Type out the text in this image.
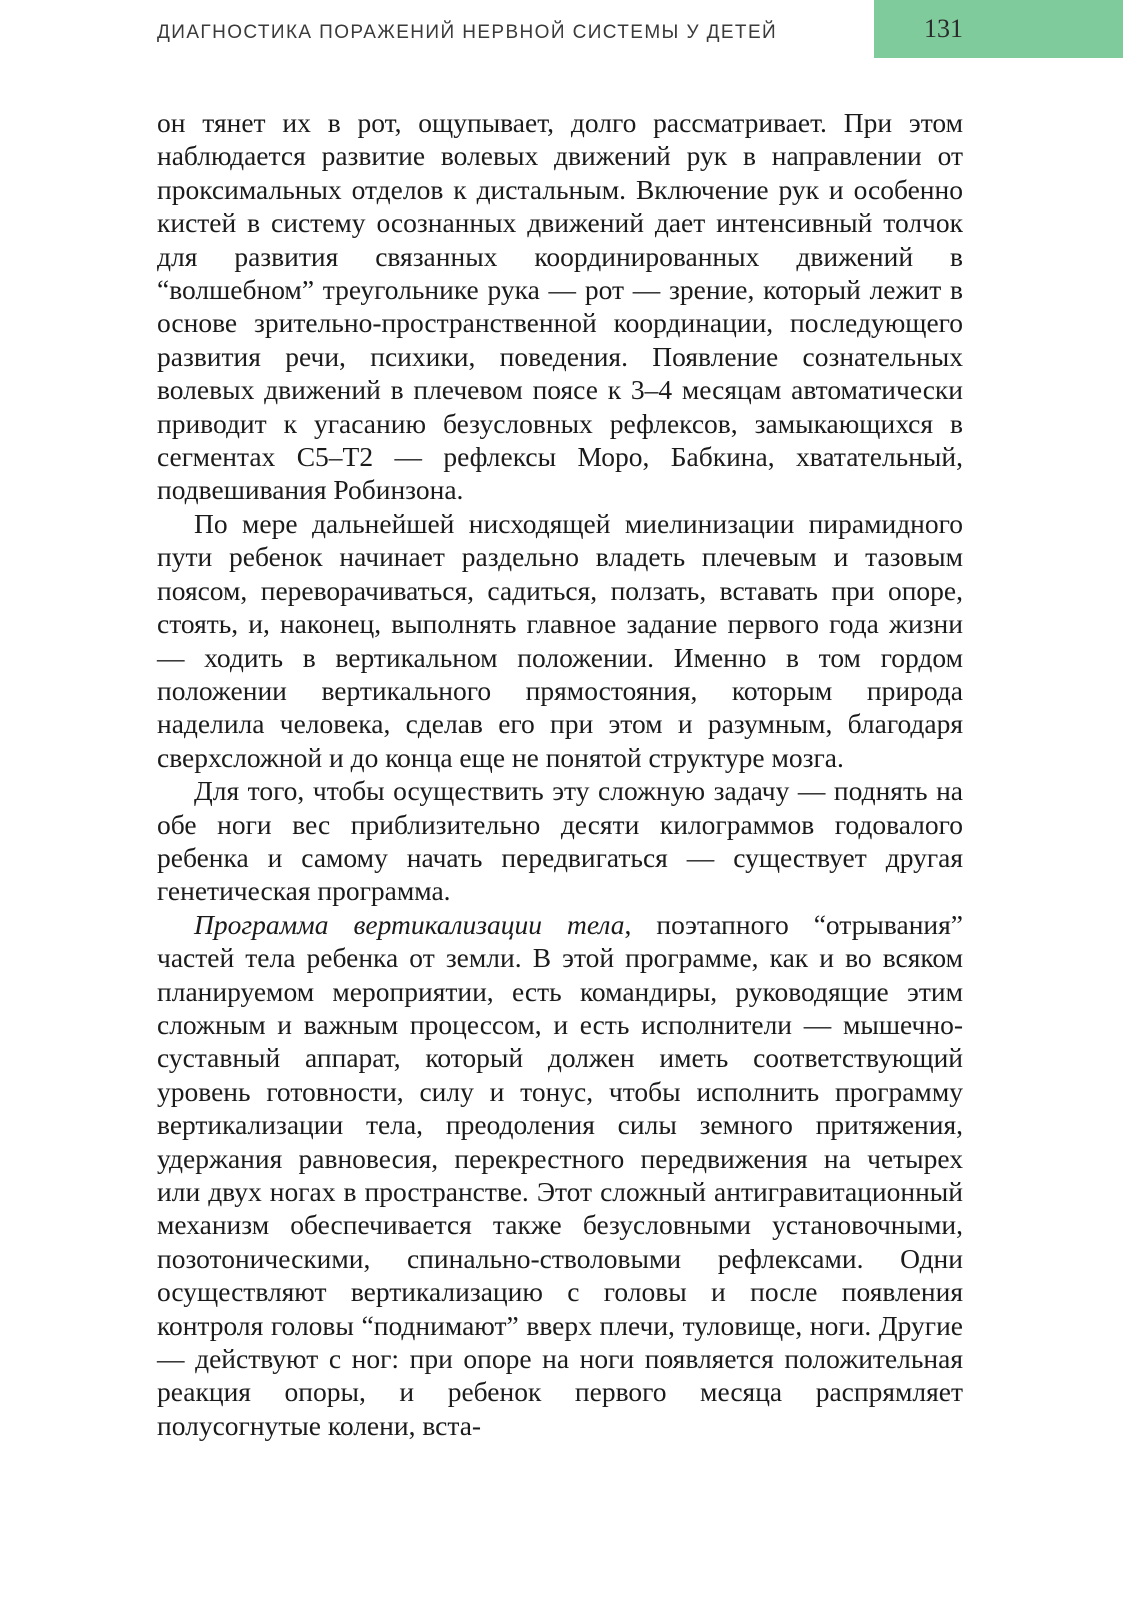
ДИАГНОСТИКА ПОРАЖЕНИЙ НЕРВНОЙ СИСТЕМЫ У ДЕТЕЙ	131

он тянет их в рот, ощупывает, долго рассматривает. При этом наблюдается развитие волевых движений рук в направлении от проксимальных отделов к дистальным. Включение рук и особенно кистей в систему осознанных движений дает интенсивный толчок для развития связанных координированных движений в “волшебном” треугольнике рука — рот — зрение, который лежит в основе зрительно-пространственной координации, последующего развития речи, психики, поведения. Появление сознательных волевых движений в плечевом поясе к 3–4 месяцам автоматически приводит к угасанию безусловных рефлексов, замыкающихся в сегментах С5–Т2 — рефлексы Моро, Бабкина, хватательный, подвешивания Робинзона.

По мере дальнейшей нисходящей миелинизации пирамидного пути ребенок начинает раздельно владеть плечевым и тазовым поясом, переворачиваться, садиться, ползать, вставать при опоре, стоять, и, наконец, выполнять главное задание первого года жизни — ходить в вертикальном положении. Именно в том гордом положении вертикального прямостояния, которым природа наделила человека, сделав его при этом и разумным, благодаря сверхсложной и до конца еще не понятой структуре мозга.

Для того, чтобы осуществить эту сложную задачу — поднять на обе ноги вес приблизительно десяти килограммов годовалого ребенка и самому начать передвигаться — существует другая генетическая программа.

Программа вертикализации тела, поэтапного “отрывания” частей тела ребенка от земли. В этой программе, как и во всяком планируемом мероприятии, есть командиры, руководящие этим сложным и важным процессом, и есть исполнители — мышечно-суставный аппарат, который должен иметь соответствующий уровень готовности, силу и тонус, чтобы исполнить программу вертикализации тела, преодоления силы земного притяжения, удержания равновесия, перекрестного передвижения на четырех или двух ногах в пространстве. Этот сложный антигравитационный механизм обеспечивается также безусловными установочными, позотоническими, спинально-стволовыми рефлексами. Одни осуществляют вертикализацию с головы и после появления контроля головы “поднимают” вверх плечи, туловище, ноги. Другие — действуют с ног: при опоре на ноги появляется положительная реакция опоры, и ребенок первого месяца распрямляет полусогнутые колени, вста-
